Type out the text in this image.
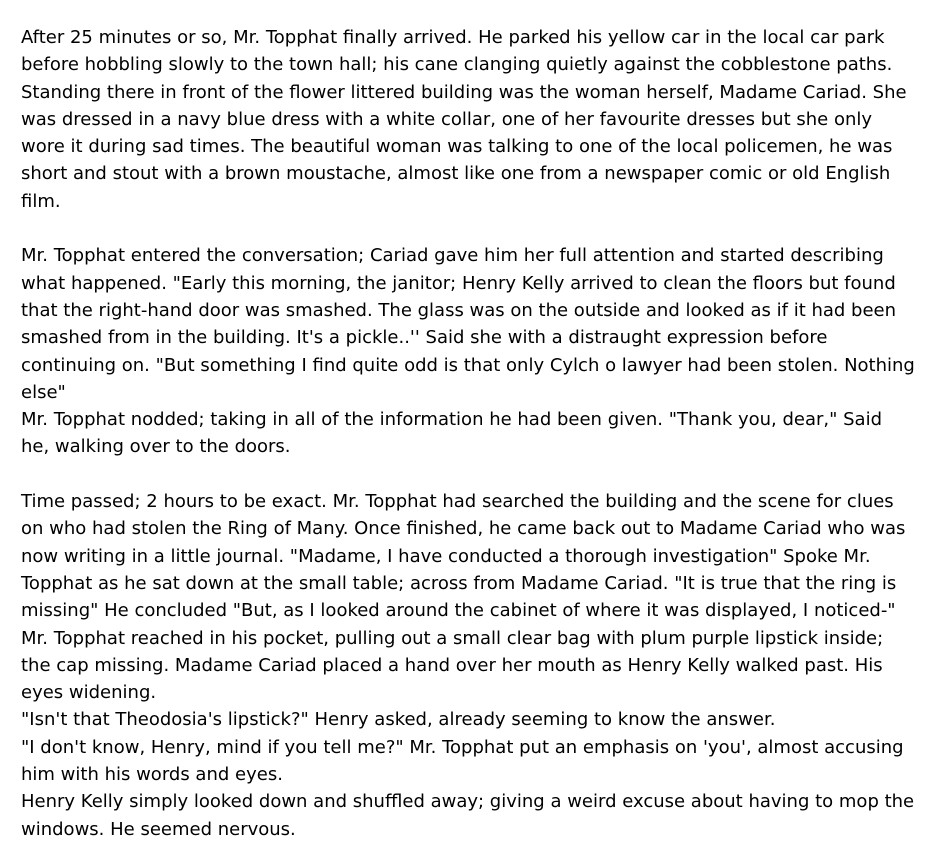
After 25 minutes or so, Mr. Topphat finally arrived. He parked his yellow car in the local car park
before hobbling slowly to the town hall; his cane clanging quietly against the cobblestone paths.
Standing there in front of the flower littered building was the woman herself, Madame Cariad. She
was dressed in a navy blue dress with a white collar, one of her favourite dresses but she only
wore it during sad times. The beautiful woman was talking to one of the local policemen, he was
short and stout with a brown moustache, almost like one from a newspaper comic or old English
film.

Mr. Topphat entered the conversation; Cariad gave him her full attention and started describing
what happened. "Early this morning, the janitor; Henry Kelly arrived to clean the floors but found
that the right-hand door was smashed. The glass was on the outside and looked as if it had been
smashed from in the building. It's a pickle..'' Said she with a distraught expression before
continuing on. "But something I find quite odd is that only Cylch o lawyer had been stolen. Nothing
else"

Mr. Topphat nodded; taking in all of the information he had been given. "Thank you, dear," Said
he, walking over to the doors.

Time passed; 2 hours to be exact. Mr. Topphat had searched the building and the scene for clues
on who had stolen the Ring of Many. Once finished, he came back out to Madame Cariad who was
now writing in a little journal. "Madame, I have conducted a thorough investigation" Spoke Mr.
Topphat as he sat down at the small table; across from Madame Cariad. "It is true that the ring is
missing" He concluded "But, as I looked around the cabinet of where it was displayed, I noticed-"
Mr. Topphat reached in his pocket, pulling out a small clear bag with plum purple lipstick inside;
the cap missing. Madame Cariad placed a hand over her mouth as Henry Kelly walked past. His
eyes widening.

"Isn't that Theodosia's lipstick?" Henry asked, already seeming to know the answer.

"I don't know, Henry, mind if you tell me?" Mr. Topphat put an emphasis on 'you', almost accusing
him with his words and eyes.

Henry Kelly simply looked down and shuffled away; giving a weird excuse about having to mop the
windows. He seemed nervous.
